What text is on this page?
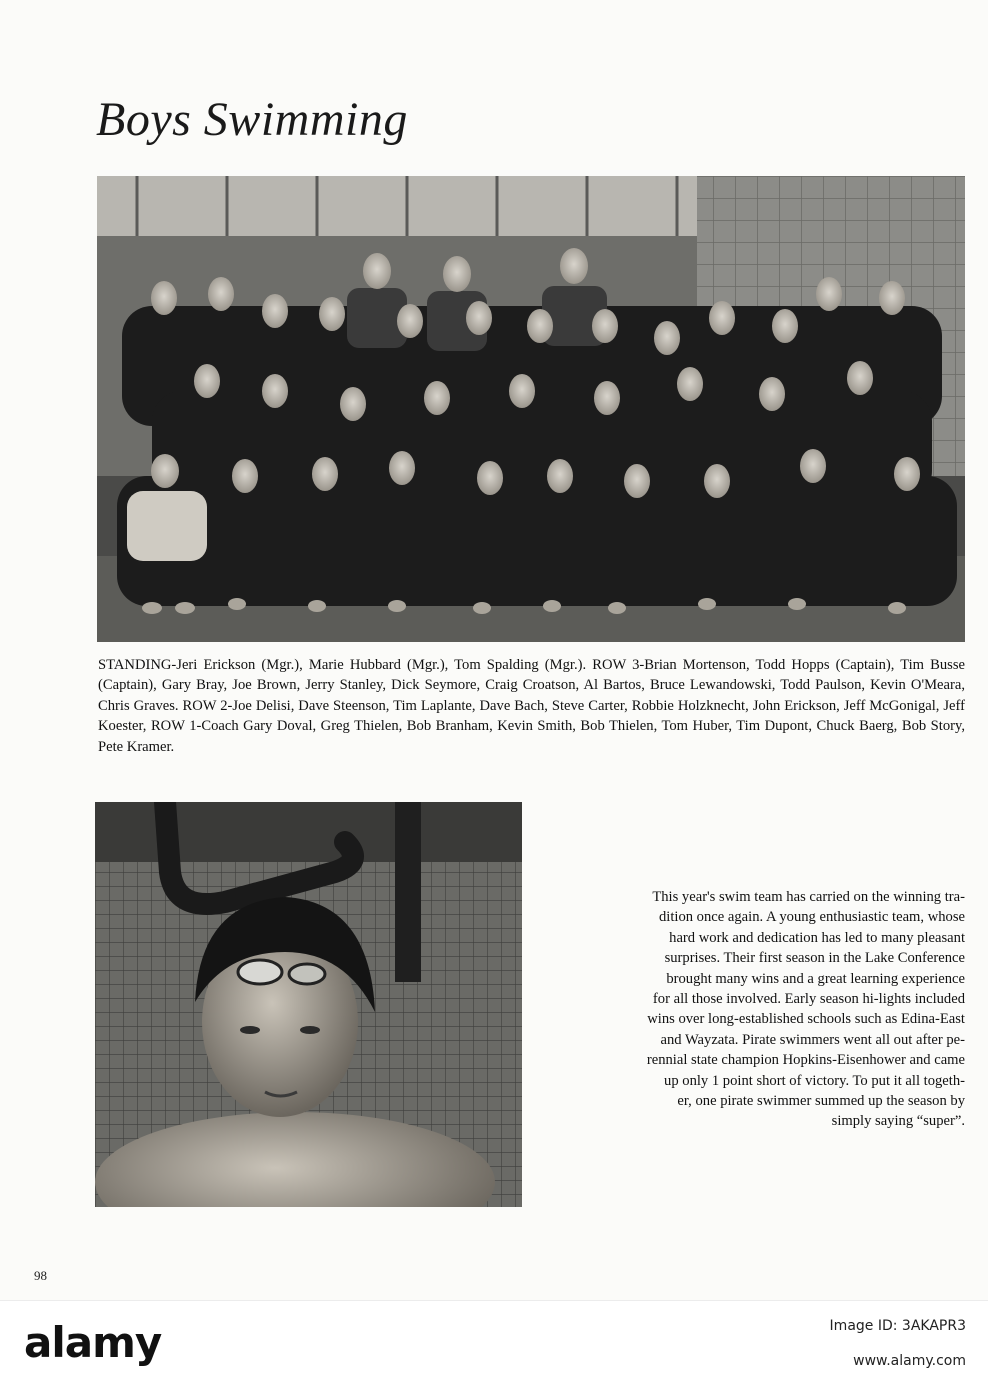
Boys Swimming
STANDING-Jeri Erickson (Mgr.), Marie Hubbard (Mgr.), Tom Spalding (Mgr.). ROW 3-Brian Mortenson, Todd Hopps (Captain), Tim Busse (Captain), Gary Bray, Joe Brown, Jerry Stanley, Dick Seymore, Craig Croatson, Al Bartos, Bruce Lewandowski, Todd Paulson, Kevin O'Meara, Chris Graves. ROW 2-Joe Delisi, Dave Steenson, Tim Laplante, Dave Bach, Steve Carter, Robbie Holzknecht, John Erickson, Jeff McGonigal, Jeff Koester, ROW 1-Coach Gary Doval, Greg Thielen, Bob Branham, Kevin Smith, Bob Thielen, Tom Huber, Tim Dupont, Chuck Baerg, Bob Story, Pete Kramer.
This year's swim team has carried on the winning tra-
dition once again. A young enthusiastic team, whose
hard work and dedication has led to many pleasant
surprises. Their first season in the Lake Conference
brought many wins and a great learning experience
for all those involved. Early season hi-lights included
wins over long-established schools such as Edina-East
and Wayzata. Pirate swimmers went all out after pe-
rennial state champion Hopkins-Eisenhower and came
up only 1 point short of victory. To put it all togeth-
er, one pirate swimmer summed up the season by
simply saying “super”.
98
alamy	Image ID: 3AKAPR3
www.alamy.com
